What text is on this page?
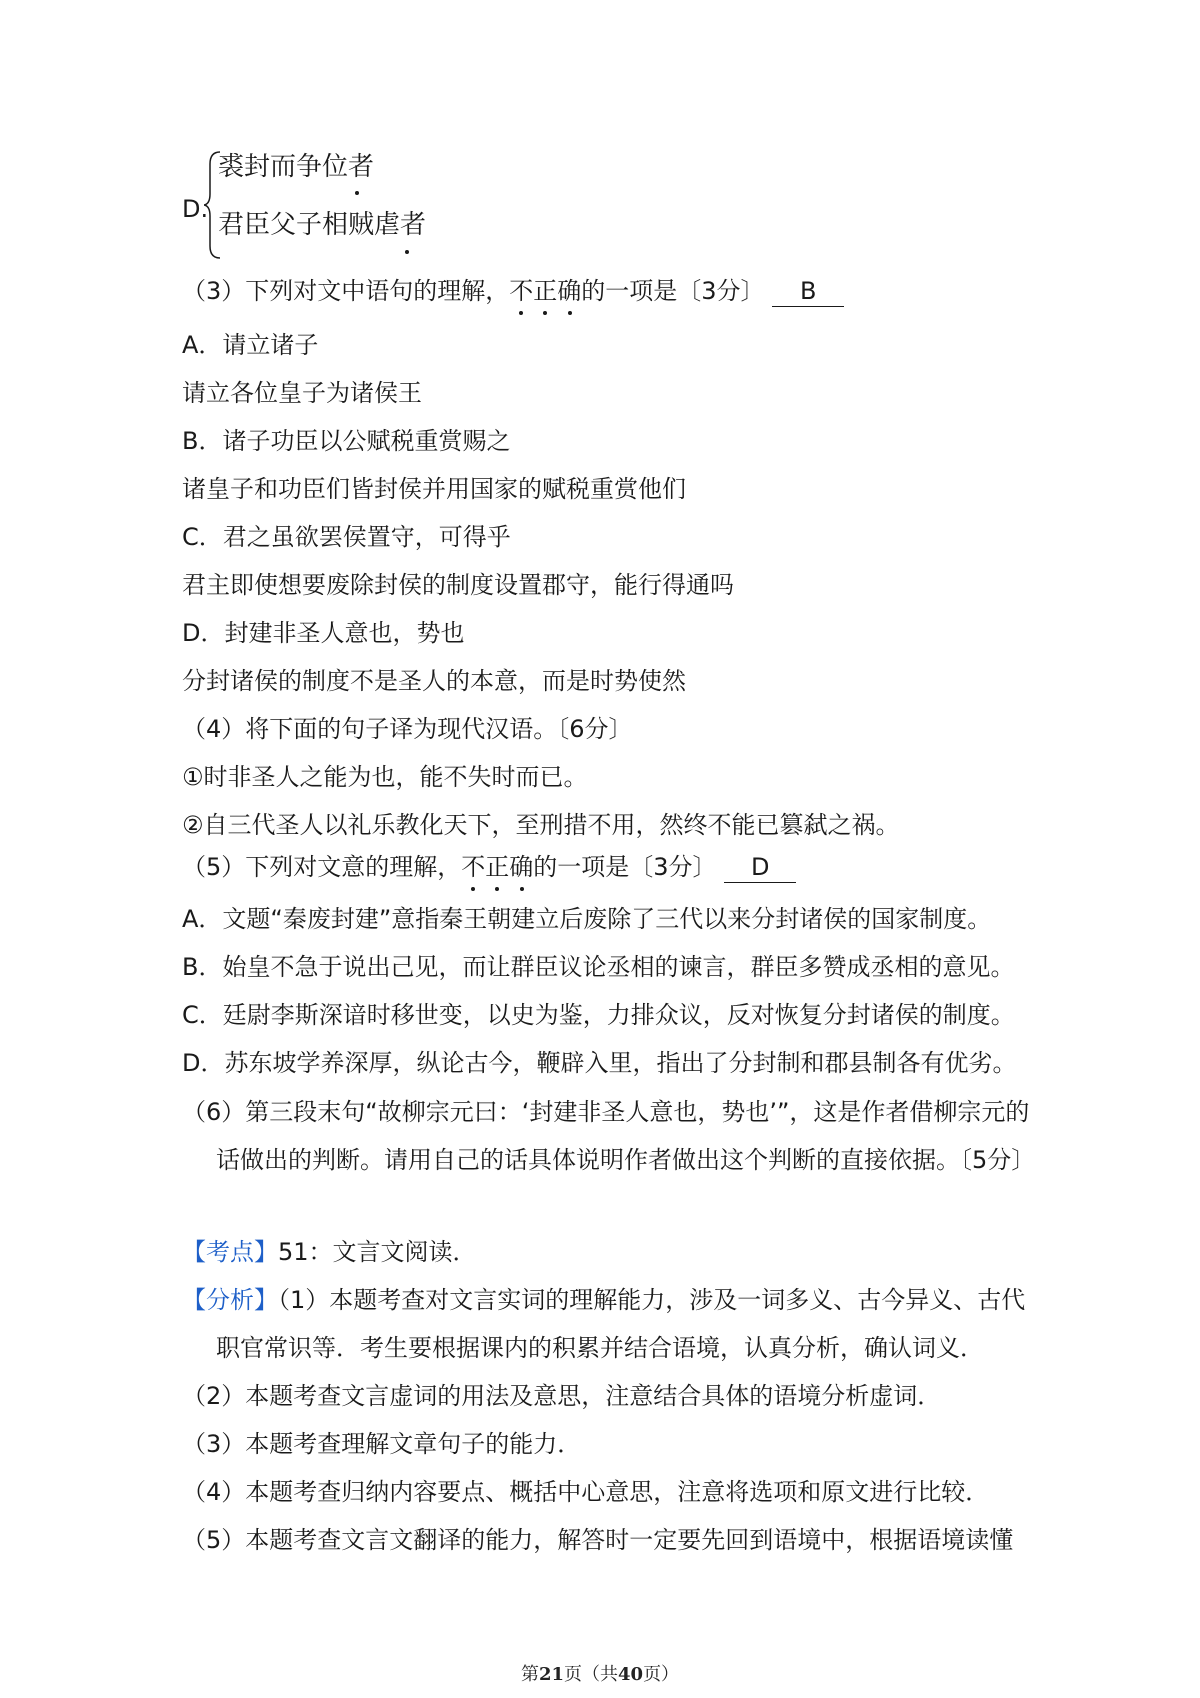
D.
裘封而争位者
君臣父子相贼虐者
（3）下列对文中语句的理解，不正确
的一项是〔3分〕 B
A．请立诸子
请立各位皇子为诸侯王
B．诸子功臣以公赋税重赏赐之
诸皇子和功臣们皆封侯并用国家的赋税重赏他们
C．君之虽欲罢侯置守，可得乎
君主即使想要废除封侯的制度设置郡守，能行得通吗
D．封建非圣人意也，势也
分封诸侯的制度不是圣人的本意，而是时势使然
（4）将下面的句子译为现代汉语。〔6分〕
①时非圣人之能为也，能不失时而已。
②自三代圣人以礼乐教化天下，至刑措不用，然终不能已篡弑之祸。
（5）下列对文意的理解，不正确
的一项是〔3分〕 D
A．文题“秦废封建”意指秦王朝建立后废除了三代以来分封诸侯的国家制度。
B．始皇不急于说出己见，而让群臣议论丞相的谏言，群臣多赞成丞相的意见。
C．廷尉李斯深谙时移世变，以史为鉴，力排众议，反对恢复分封诸侯的制度。
D．苏东坡学养深厚，纵论古今，鞭辟入里，指出了分封制和郡县制各有优劣。
（6）第三段末句“故柳宗元曰：‘封建非圣人意也，势也’”，这是作者借柳宗元的
话做出的判断。请用自己的话具体说明作者做出这个判断的直接依据。〔5分〕
【考点】51：文言文阅读．
【分析】（1）本题考查对文言实词的理解能力，涉及一词多义、古今异义、古代
职官常识等．考生要根据课内的积累并结合语境，认真分析，确认词义．
（2）本题考查文言虚词的用法及意思，注意结合具体的语境分析虚词．
（3）本题考查理解文章句子的能力．
（4）本题考查归纳内容要点、概括中心意思，注意将选项和原文进行比较．
（5）本题考查文言文翻译的能力，解答时一定要先回到语境中，根据语境读懂
第21页（共40页）
